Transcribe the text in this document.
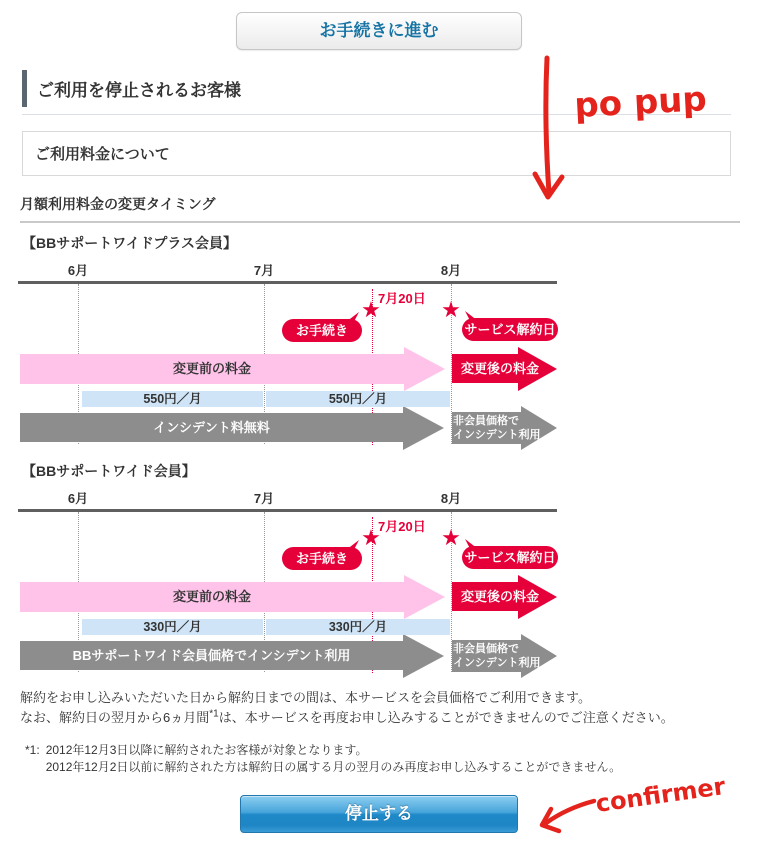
お手続きに進む
ご利用を停止されるお客様
ご利用料金について
月額利用料金の変更タイミング
【BBサポートワイドプラス会員】
6月	7月	8月
7月20日
★	★
お手続き	サービス解約日
変更前の料金	変更後の料金
550円／月	550円／月
インシデント料無料	非会員価格で
インシデント利用
【BBサポートワイド会員】
6月	7月	8月
7月20日
★	★
お手続き	サービス解約日
変更前の料金	変更後の料金
330円／月	330円／月
BBサポートワイド会員価格でインシデント利用	非会員価格で
インシデント利用
解約をお申し込みいただいた日から解約日までの間は、本サービスを会員価格でご利用できます。
なお、解約日の翌月から6ヵ月間$^{*1}$は、本サービスを再度お申し込みすることができませんのでご注意ください。
*1: 2012年12月3日以降に解約されたお客様が対象となります。
2012年12月2日以前に解約された方は解約日の属する月の翌月のみ再度お申し込みすることができません。
停止する
po pup
confirmer
